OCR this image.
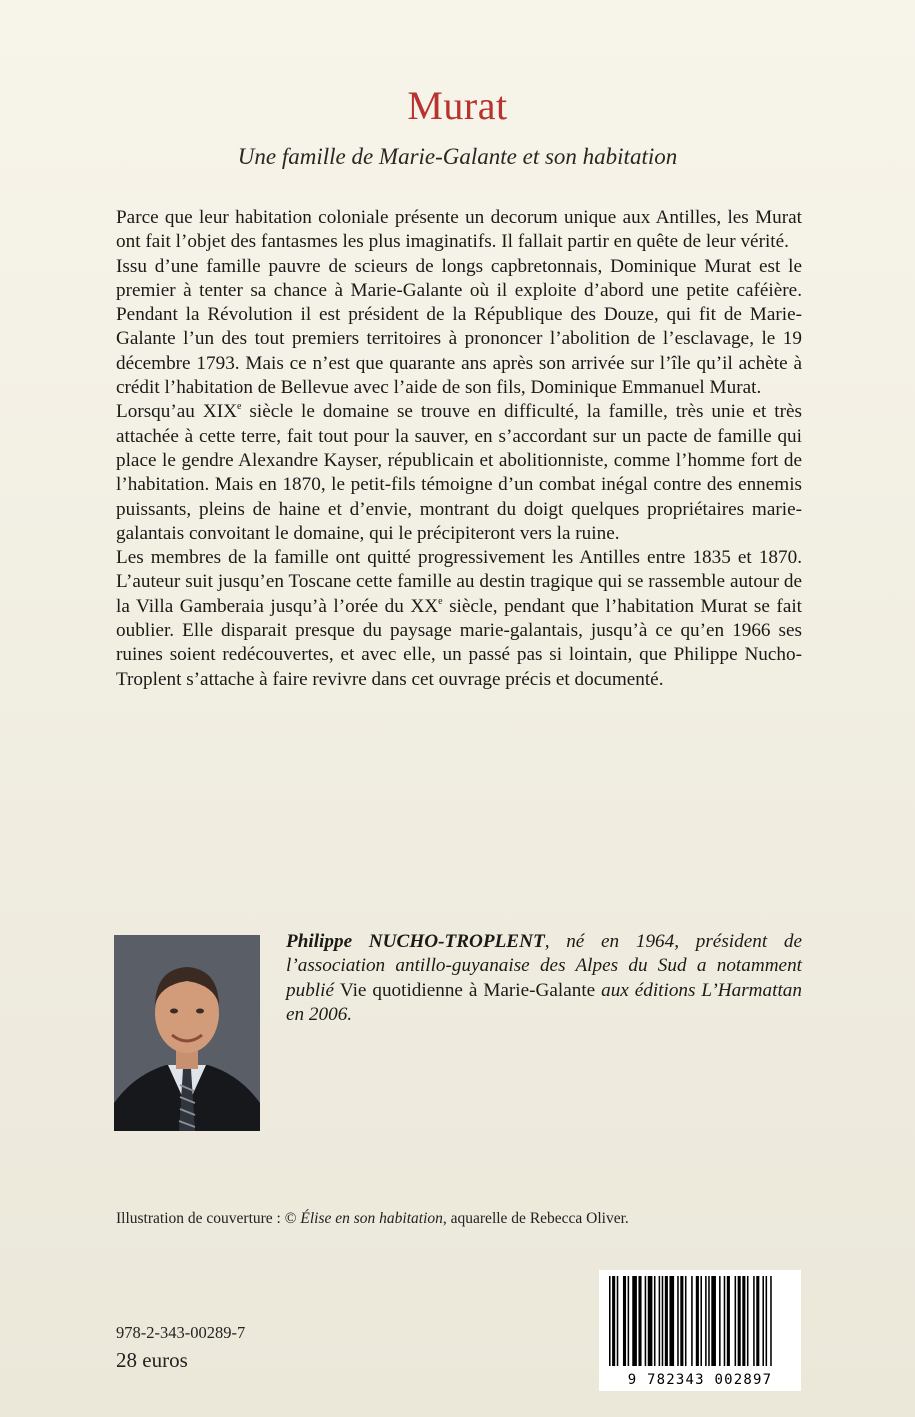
Murat
Une famille de Marie-Galante et son habitation

Parce que leur habitation coloniale présente un decorum unique aux Antilles, les Murat ont fait l’objet des fantasmes les plus imaginatifs. Il fallait partir en quête de leur vérité.

Issu d’une famille pauvre de scieurs de longs capbretonnais, Dominique Murat est le premier à tenter sa chance à Marie-Galante où il exploite d’abord une petite caféière. Pendant la Révolution il est président de la République des Douze, qui fit de Marie-Galante l’un des tout premiers territoires à prononcer l’abolition de l’esclavage, le 19 décembre 1793. Mais ce n’est que quarante ans après son arrivée sur l’île qu’il achète à crédit l’habitation de Bellevue avec l’aide de son fils, Dominique Emmanuel Murat.

Lorsqu’au XIXe siècle le domaine se trouve en difficulté, la famille, très unie et très attachée à cette terre, fait tout pour la sauver, en s’accordant sur un pacte de famille qui place le gendre Alexandre Kayser, républicain et abolitionniste, comme l’homme fort de l’habitation. Mais en 1870, le petit-fils témoigne d’un combat inégal contre des ennemis puissants, pleins de haine et d’envie, montrant du doigt quelques propriétaires marie-galantais convoitant le domaine, qui le précipiteront vers la ruine.

Les membres de la famille ont quitté progressivement les Antilles entre 1835 et 1870. L’auteur suit jusqu’en Toscane cette famille au destin tragique qui se rassemble autour de la Villa Gamberaia jusqu’à l’orée du XXe siècle, pendant que l’habitation Murat se fait oublier. Elle disparait presque du paysage marie-galantais, jusqu’à ce qu’en 1966 ses ruines soient redécouvertes, et avec elle, un passé pas si lointain, que Philippe Nucho-Troplent s’attache à faire revivre dans cet ouvrage précis et documenté.

Philippe NUCHO-TROPLENT, né en 1964, président de l’association antillo-guyanaise des Alpes du Sud a notamment publié Vie quotidienne à Marie-Galante aux éditions L’Harmattan en 2006.
Illustration de couverture : © Élise en son habitation, aquarelle de Rebecca Oliver.
978-2-343-00289-7
28 euros
9 782343 002897
